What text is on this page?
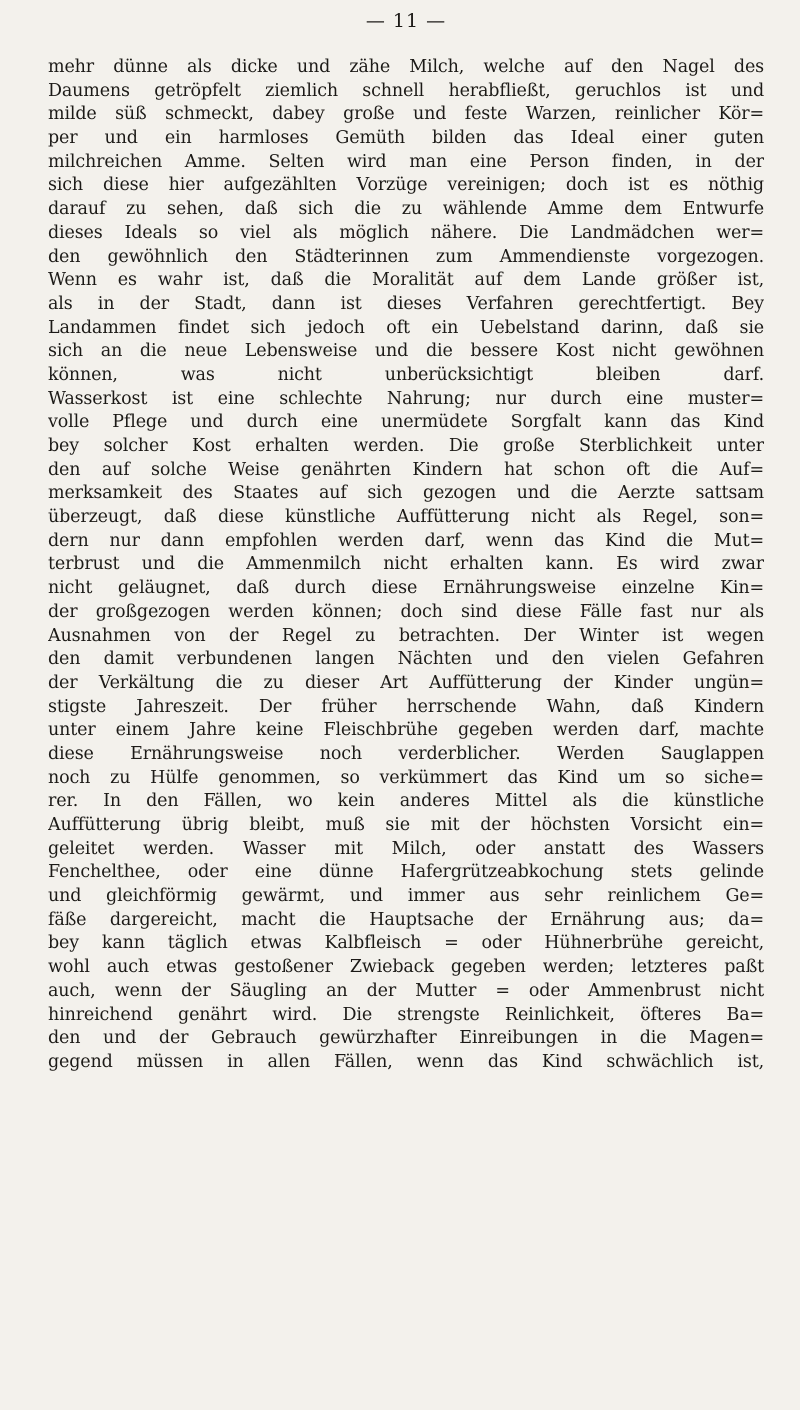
— 11 —
mehr dünne als dicke und zähe Milch, welche auf den Nagel des
Daumens getröpfelt ziemlich schnell herabfließt, geruchlos ist und
milde süß schmeckt, dabey große und feste Warzen, reinlicher Kör=
per und ein harmloses Gemüth bilden das Ideal einer guten
milchreichen Amme. Selten wird man eine Person finden, in der
sich diese hier aufgezählten Vorzüge vereinigen; doch ist es nöthig
darauf zu sehen, daß sich die zu wählende Amme dem Entwurfe
dieses Ideals so viel als möglich nähere. Die Landmädchen wer=
den gewöhnlich den Städterinnen zum Ammendienste vorgezogen.
Wenn es wahr ist, daß die Moralität auf dem Lande größer ist,
als in der Stadt, dann ist dieses Verfahren gerechtfertigt. Bey
Landammen findet sich jedoch oft ein Uebelstand darinn, daß sie
sich an die neue Lebensweise und die bessere Kost nicht gewöhnen
können, was nicht unberücksichtigt bleiben darf.
Wasserkost ist eine schlechte Nahrung; nur durch eine muster=
volle Pflege und durch eine unermüdete Sorgfalt kann das Kind
bey solcher Kost erhalten werden. Die große Sterblichkeit unter
den auf solche Weise genährten Kindern hat schon oft die Auf=
merksamkeit des Staates auf sich gezogen und die Aerzte sattsam
überzeugt, daß diese künstliche Auffütterung nicht als Regel, son=
dern nur dann empfohlen werden darf, wenn das Kind die Mut=
terbrust und die Ammenmilch nicht erhalten kann. Es wird zwar
nicht geläugnet, daß durch diese Ernährungsweise einzelne Kin=
der großgezogen werden können; doch sind diese Fälle fast nur als
Ausnahmen von der Regel zu betrachten. Der Winter ist wegen
den damit verbundenen langen Nächten und den vielen Gefahren
der Verkältung die zu dieser Art Auffütterung der Kinder ungün=
stigste Jahreszeit. Der früher herrschende Wahn, daß Kindern
unter einem Jahre keine Fleischbrühe gegeben werden darf, machte
diese Ernährungsweise noch verderblicher. Werden Sauglappen
noch zu Hülfe genommen, so verkümmert das Kind um so siche=
rer. In den Fällen, wo kein anderes Mittel als die künstliche
Auffütterung übrig bleibt, muß sie mit der höchsten Vorsicht ein=
geleitet werden. Wasser mit Milch, oder anstatt des Wassers
Fenchelthee, oder eine dünne Hafergrützeabkochung stets gelinde
und gleichförmig gewärmt, und immer aus sehr reinlichem Ge=
fäße dargereicht, macht die Hauptsache der Ernährung aus; da=
bey kann täglich etwas Kalbfleisch = oder Hühnerbrühe gereicht,
wohl auch etwas gestoßener Zwieback gegeben werden; letzteres paßt
auch, wenn der Säugling an der Mutter = oder Ammenbrust nicht
hinreichend genährt wird. Die strengste Reinlichkeit, öfteres Ba=
den und der Gebrauch gewürzhafter Einreibungen in die Magen=
gegend müssen in allen Fällen, wenn das Kind schwächlich ist,
